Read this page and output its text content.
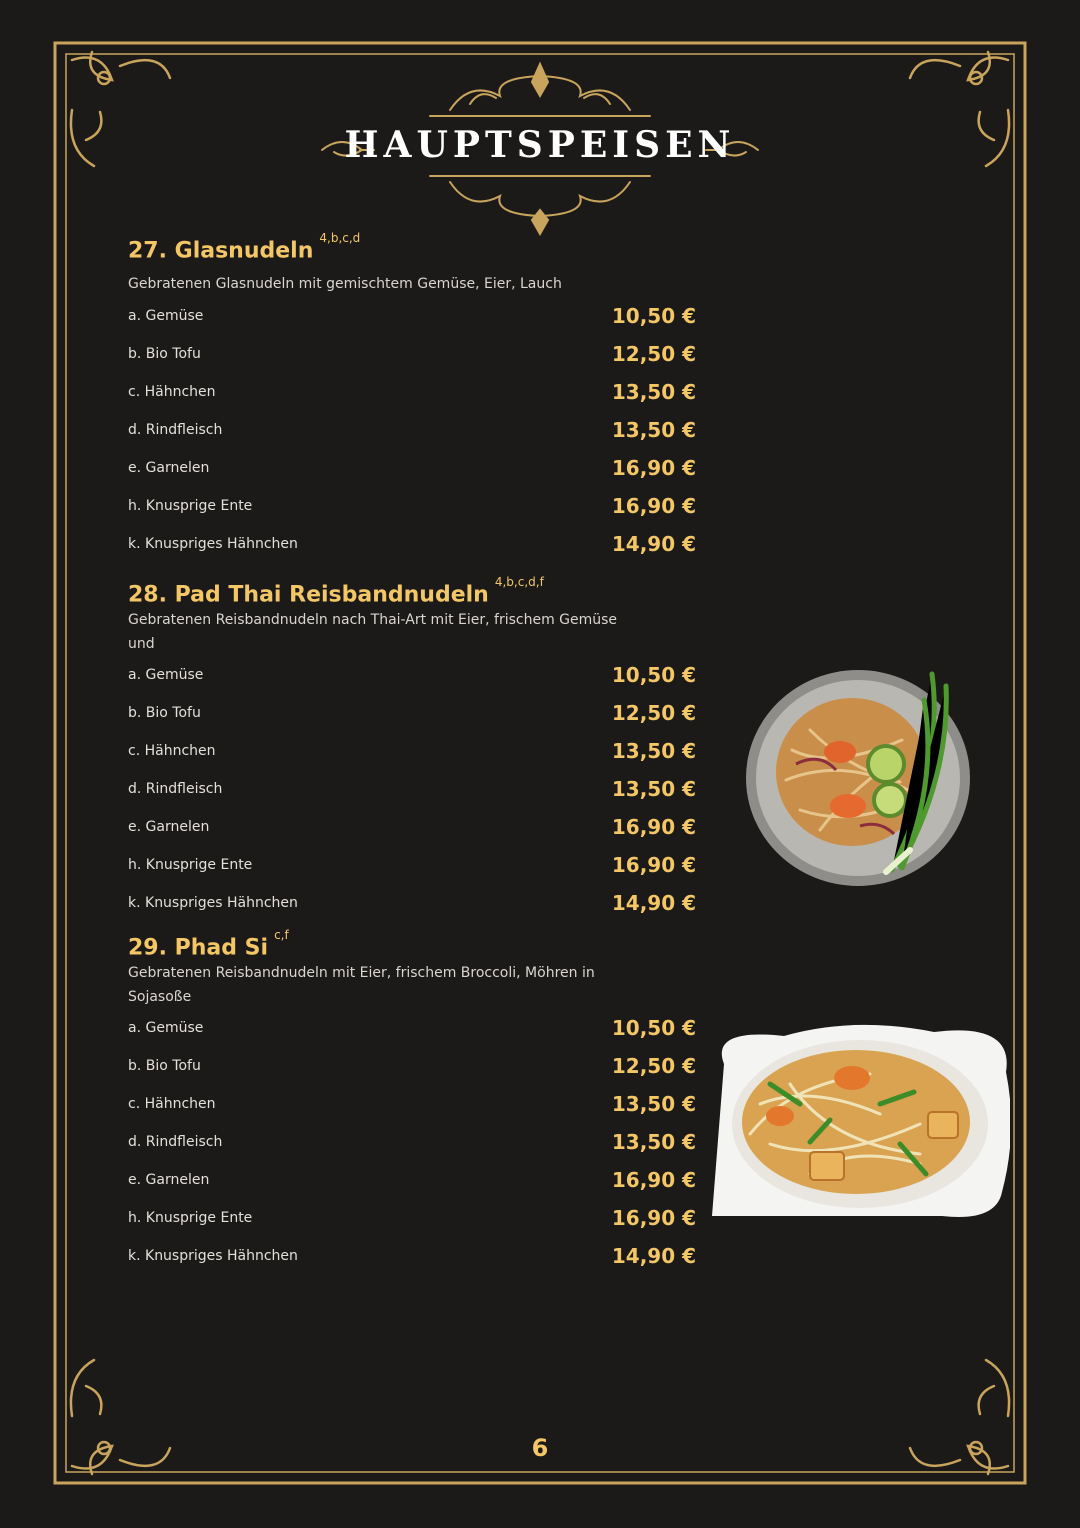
HAUPTSPEISEN
27. Glasnudeln$^{4,b,c,d}$
Gebratenen Glasnudeln mit gemischtem Gemüse, Eier, Lauch
a. Gemüse	10,50 €
b. Bio Tofu	12,50 €
c. Hähnchen	13,50 €
d. Rindfleisch	13,50 €
e. Garnelen	16,90 €
h. Knusprige Ente	16,90 €
k. Knuspriges Hähnchen	14,90 €
28. Pad Thai Reisbandnudeln$^{4,b,c,d,f}$
Gebratenen Reisbandnudeln nach Thai-Art mit Eier, frischem Gemüse und
a. Gemüse	10,50 €
b. Bio Tofu	12,50 €
c. Hähnchen	13,50 €
d. Rindfleisch	13,50 €
e. Garnelen	16,90 €
h. Knusprige Ente	16,90 €
k. Knuspriges Hähnchen	14,90 €
29. Phad Si$^{c,f}$
Gebratenen Reisbandnudeln mit Eier, frischem Broccoli, Möhren in Sojasoße
a. Gemüse	10,50 €
b. Bio Tofu	12,50 €
c. Hähnchen	13,50 €
d. Rindfleisch	13,50 €
e. Garnelen	16,90 €
h. Knusprige Ente	16,90 €
k. Knuspriges Hähnchen	14,90 €
6
